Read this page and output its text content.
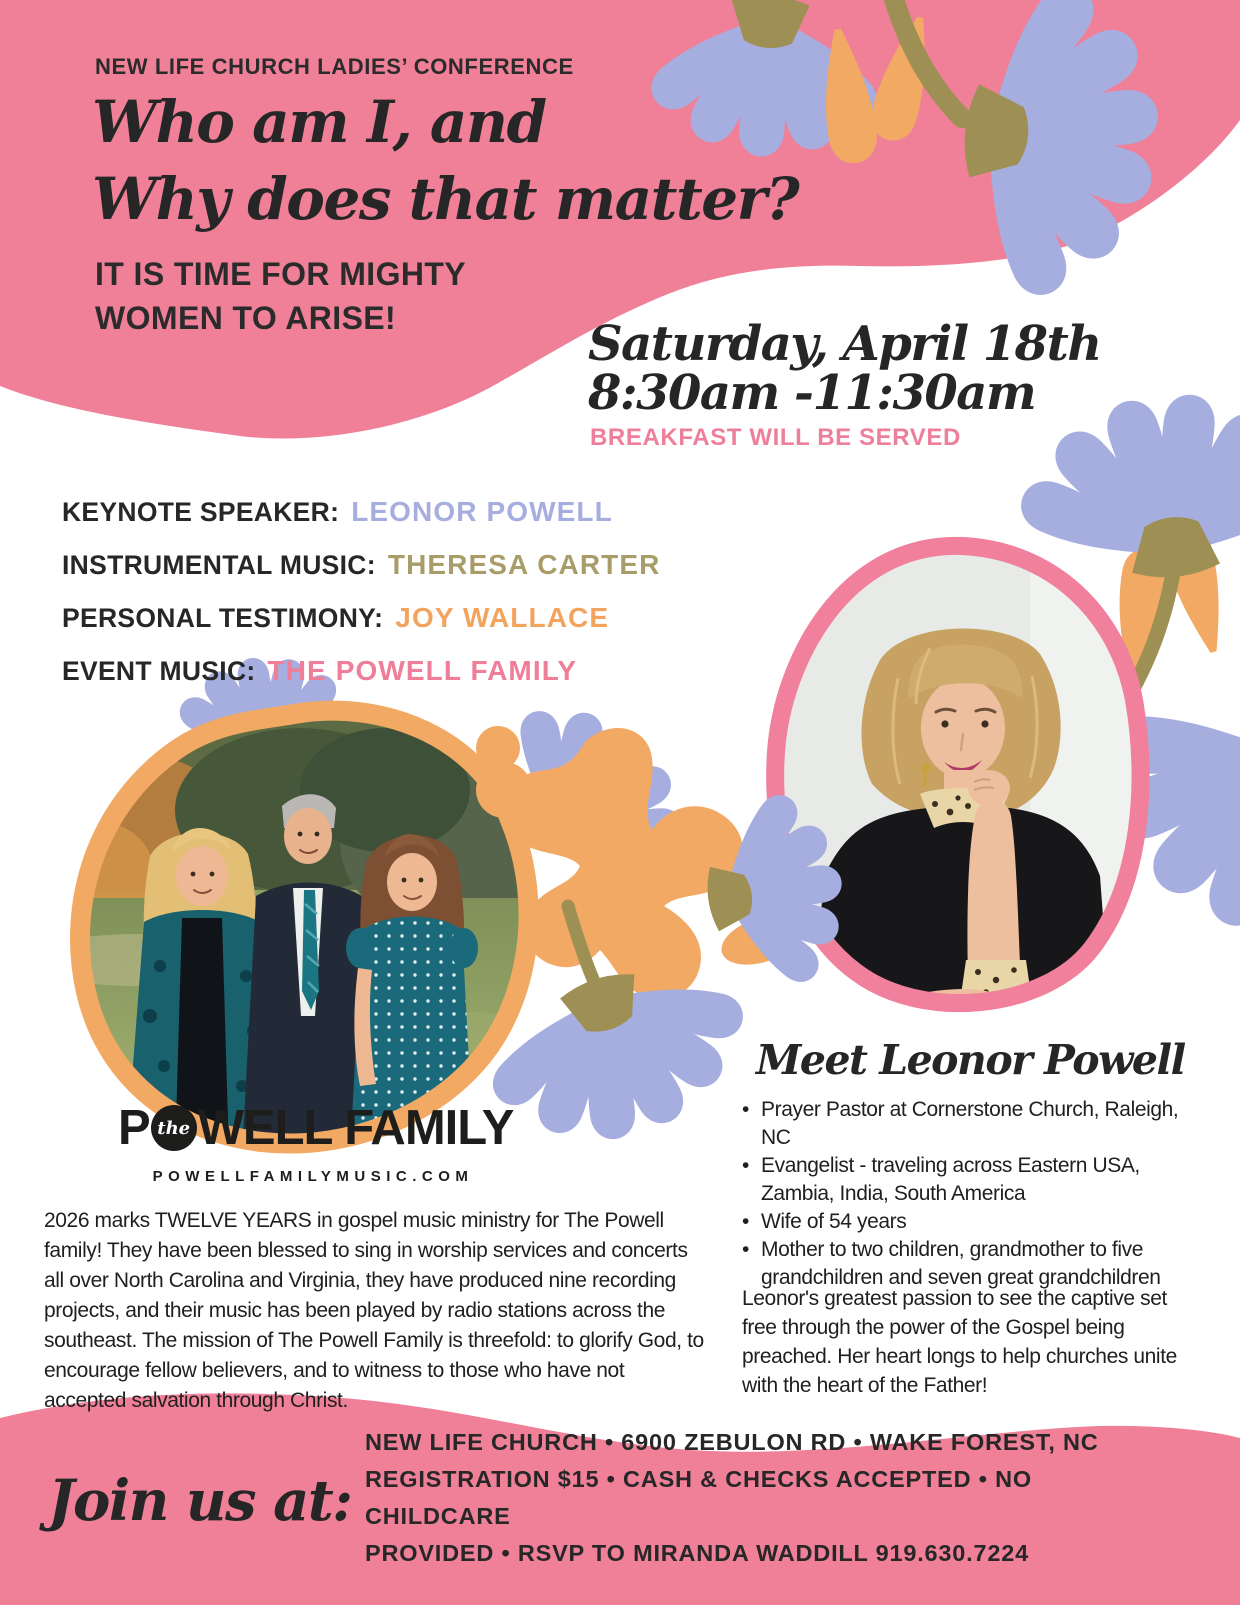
NEW LIFE CHURCH LADIES’ CONFERENCE
Who am I, and
Why does that matter?
IT IS TIME FOR MIGHTY
WOMEN TO ARISE!	Saturday, April 18th
8:30am -11:30am
BREAKFAST WILL BE SERVED
KEYNOTE SPEAKER: LEONOR POWELL
INSTRUMENTAL MUSIC: THERESA CARTER
PERSONAL TESTIMONY: JOY WALLACE
EVENT MUSIC: THE POWELL FAMILY
P the WELL FAMILY
POWELLFAMILYMUSIC.COM
2026 marks TWELVE YEARS in gospel music ministry for The Powell family! They have been blessed to sing in worship services and concerts all over North Carolina and Virginia, they have produced nine recording projects, and their music has been played by radio stations across the southeast. The mission of The Powell Family is threefold: to glorify God, to encourage fellow believers, and to witness to those who have not accepted salvation through Christ.
Meet Leonor Powell
• Prayer Pastor at Cornerstone Church, Raleigh, NC
• Evangelist - traveling across Eastern USA, Zambia, India, South America
• Wife of 54 years
• Mother to two children, grandmother to five grandchildren and seven great grandchildren
Leonor's greatest passion to see the captive set free through the power of the Gospel being preached. Her heart longs to help churches unite with the heart of the Father!
Join us at:
NEW LIFE CHURCH • 6900 ZEBULON RD • WAKE FOREST, NC
REGISTRATION $15 • CASH & CHECKS ACCEPTED • NO CHILDCARE
PROVIDED • RSVP TO MIRANDA WADDILL 919.630.7224
